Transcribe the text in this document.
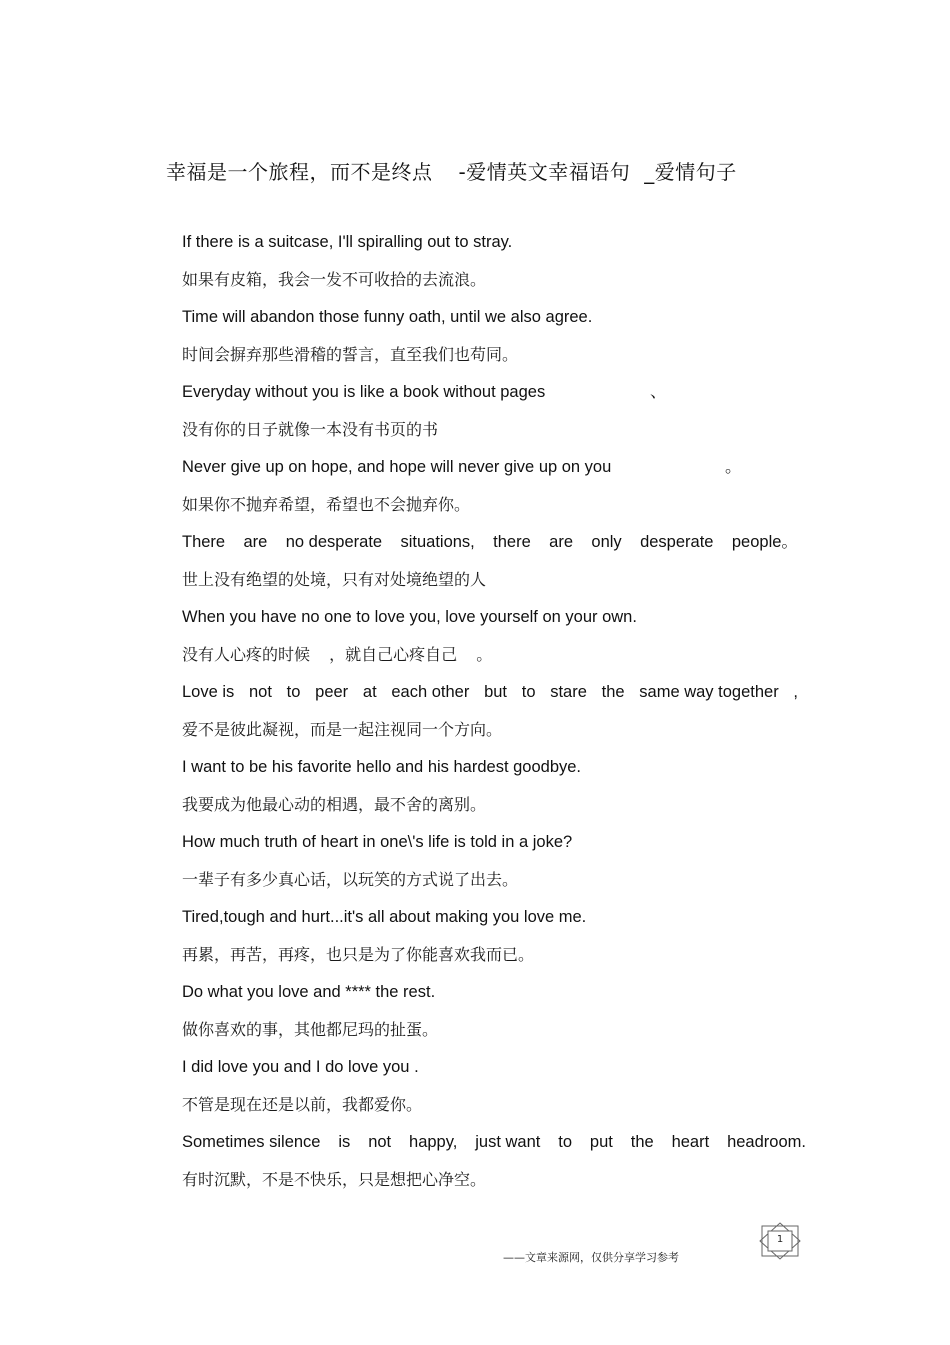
幸福是一个旅程，而不是终点 -爱情英文幸福语句 _爱情句子
If there is a suitcase, I'll spiralling out to stray.
如果有皮箱，我会一发不可收拾的去流浪。
Time will abandon those funny oath, until we also agree.
时间会摒弃那些滑稽的誓言，直至我们也苟同。
Everyday without you is like a book without pages	、
没有你的日子就像一本没有书页的书
Never give up on hope, and hope will never give up on you	。
如果你不抛弃希望，希望也不会抛弃你。
There are no desperate situations, there are only desperate people。
世上没有绝望的处境，只有对处境绝望的人
When you have no one to love you, love yourself on your own.
没有人心疼的时候 ，就自己心疼自己 。
Love is not to peer at each other but to stare the same way together ,
爱不是彼此凝视，而是一起注视同一个方向。
I want to be his favorite hello and his hardest goodbye.
我要成为他最心动的相遇，最不舍的离别。
How much truth of heart in one\'s life is told in a joke?
一辈子有多少真心话，以玩笑的方式说了出去。
Tired,tough and hurt...it's all about making you love me.
再累，再苦，再疼，也只是为了你能喜欢我而已。
Do what you love and **** the rest.
做你喜欢的事，其他都尼玛的扯蛋。
I did love you and I do love you .
不管是现在还是以前，我都爱你。
Sometimes silence is not happy, just want to put the heart headroom.
有时沉默，不是不快乐，只是想把心净空。
——文章来源网，仅供分享学习参考
1
